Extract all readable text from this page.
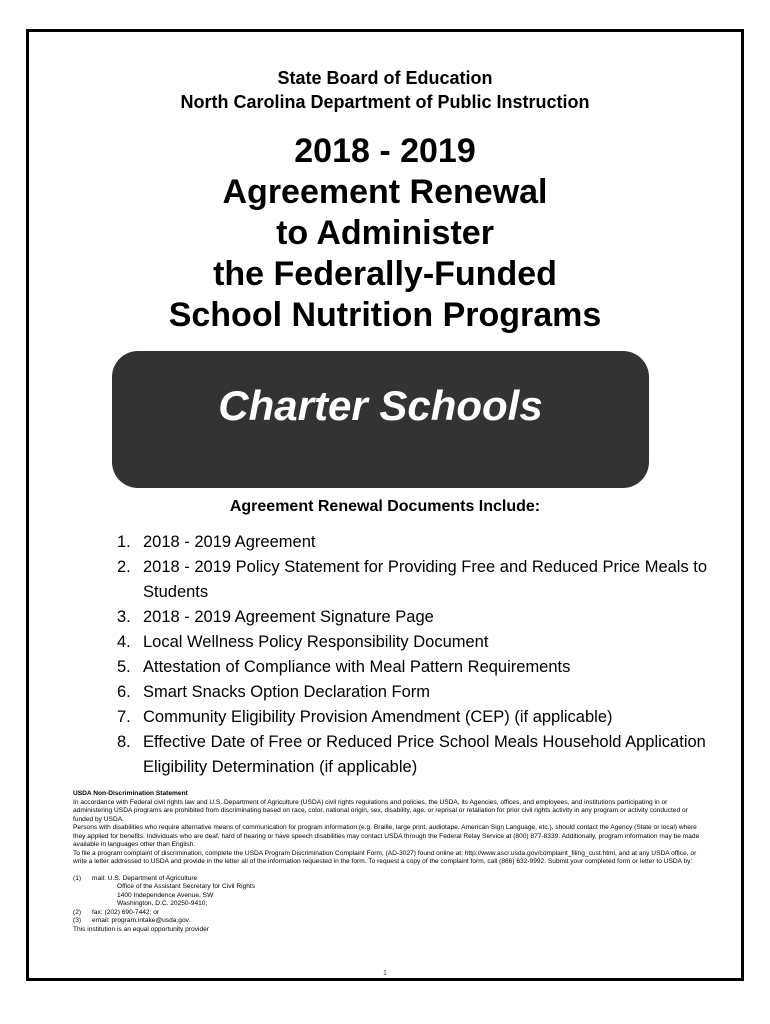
State Board of Education
North Carolina Department of Public Instruction
2018 - 2019
Agreement Renewal
to Administer
the Federally-Funded
School Nutrition Programs
Charter Schools
Agreement Renewal Documents Include:
1. 2018 - 2019 Agreement
2. 2018 - 2019 Policy Statement for Providing Free and Reduced Price Meals to Students
3. 2018 - 2019 Agreement Signature Page
4. Local Wellness Policy Responsibility Document
5. Attestation of Compliance with Meal Pattern Requirements
6. Smart Snacks Option Declaration Form
7. Community Eligibility Provision Amendment (CEP) (if applicable)
8. Effective Date of Free or Reduced Price School Meals Household Application Eligibility Determination (if applicable)
USDA Non-Discrimination Statement
In accordance with Federal civil rights law and U.S. Department of Agriculture (USDA) civil rights regulations and policies, the USDA, its Agencies, offices, and employees, and institutions participating in or administering USDA programs are prohibited from discriminating based on race, color, national origin, sex, disability, age, or reprisal or retaliation for prior civil rights activity in any program or activity conducted or funded by USDA.
Persons with disabilities who require alternative means of communication for program information (e.g. Braille, large print, audiotape, American Sign Language, etc.), should contact the Agency (State or local) where they applied for benefits. Individuals who are deaf, hard of hearing or have speech disabilities may contact USDA through the Federal Relay Service at (800) 877-8339. Additionally, program information may be made available in languages other than English.
To file a program complaint of discrimination, complete the USDA Program Discrimination Complaint Form, (AD-3027) found online at: http://www.ascr.usda.gov/complaint_filing_cust.html, and at any USDA office, or write a letter addressed to USDA and provide in the letter all of the information requested in the form. To request a copy of the complaint form, call (866) 632-9992. Submit your completed form or letter to USDA by:
(1)      mail: U.S. Department of Agriculture
Office of the Assistant Secretary for Civil Rights
1400 Independence Avenue, SW
Washington, D.C. 20250-9410;
(2)      fax: (202) 690-7442; or
(3)      email: program.intake@usda.gov.
This institution is an equal opportunity provider
1
